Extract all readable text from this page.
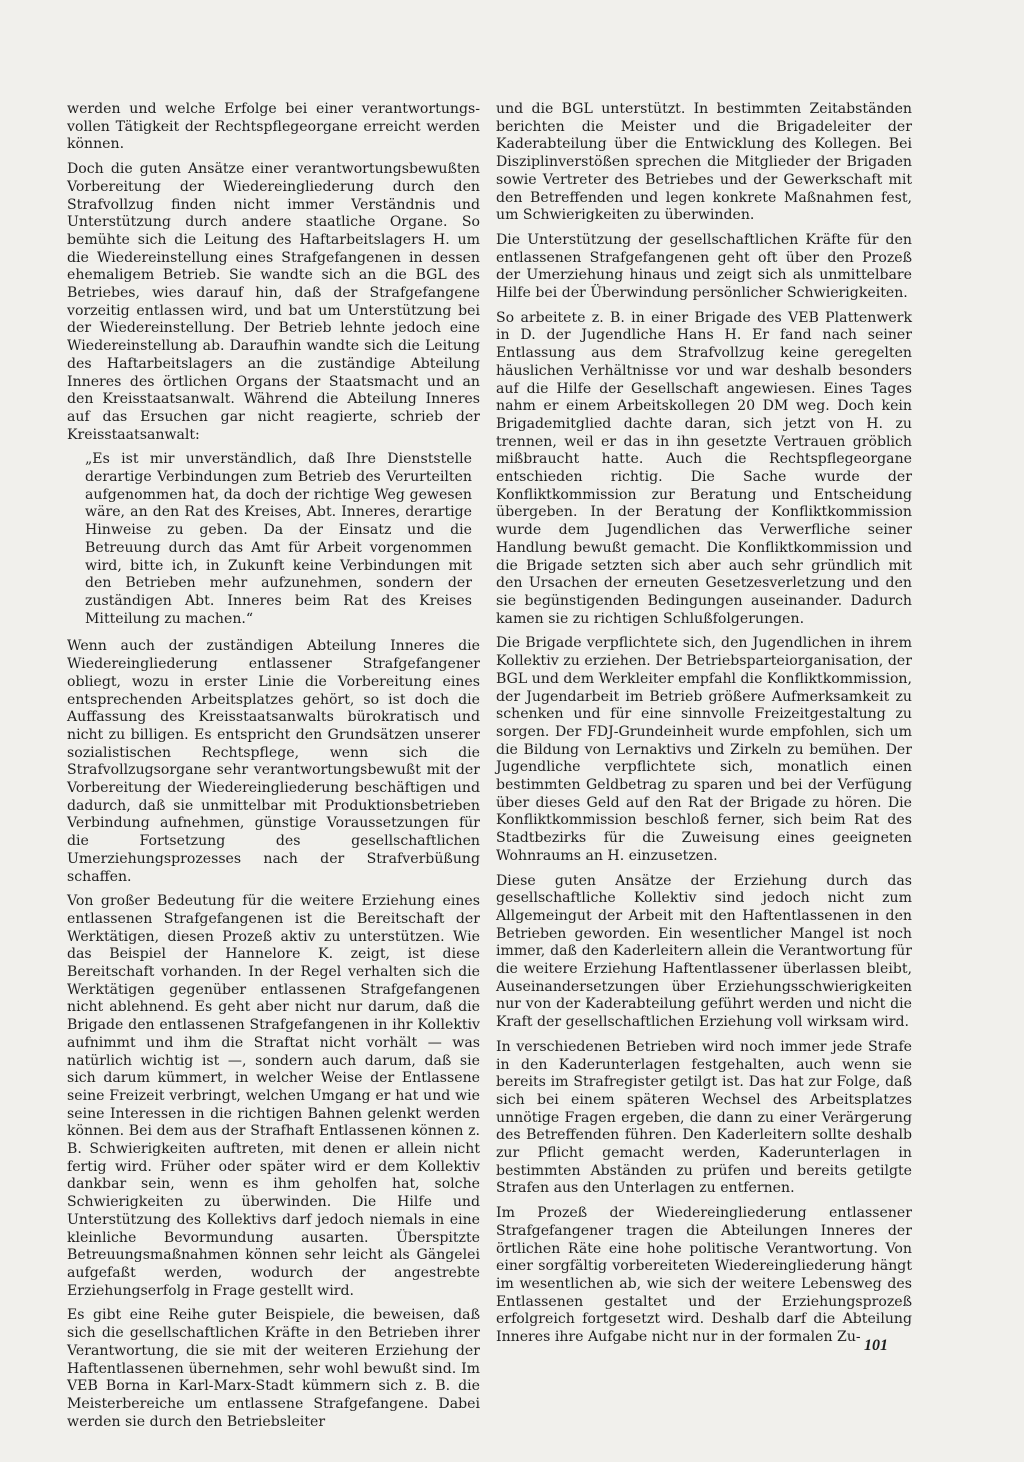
werden und welche Erfolge bei einer verantwortungsvollen Tätigkeit der Rechtspflegeorgane erreicht werden können.

Doch die guten Ansätze einer verantwortungsbewußten Vorbereitung der Wiedereingliederung durch den Strafvollzug finden nicht immer Verständnis und Unterstützung durch andere staatliche Organe. So bemühte sich die Leitung des Haftarbeitslagers H. um die Wiedereinstellung eines Strafgefangenen in dessen ehemaligem Betrieb. Sie wandte sich an die BGL des Betriebes, wies darauf hin, daß der Strafgefangene vorzeitig entlassen wird, und bat um Unterstützung bei der Wiedereinstellung. Der Betrieb lehnte jedoch eine Wiedereinstellung ab. Daraufhin wandte sich die Leitung des Haftarbeitslagers an die zuständige Abteilung Inneres des örtlichen Organs der Staatsmacht und an den Kreisstaatsanwalt. Während die Abteilung Inneres auf das Ersuchen gar nicht reagierte, schrieb der Kreisstaatsanwalt:

„Es ist mir unverständlich, daß Ihre Dienststelle derartige Verbindungen zum Betrieb des Verurteilten aufgenommen hat, da doch der richtige Weg gewesen wäre, an den Rat des Kreises, Abt. Inneres, derartige Hinweise zu geben. Da der Einsatz und die Betreuung durch das Amt für Arbeit vorgenommen wird, bitte ich, in Zukunft keine Verbindungen mit den Betrieben mehr aufzunehmen, sondern der zuständigen Abt. Inneres beim Rat des Kreises Mitteilung zu machen.“

Wenn auch der zuständigen Abteilung Inneres die Wiedereingliederung entlassener Strafgefangener obliegt, wozu in erster Linie die Vorbereitung eines entsprechenden Arbeitsplatzes gehört, so ist doch die Auffassung des Kreisstaatsanwalts bürokratisch und nicht zu billigen. Es entspricht den Grundsätzen unserer sozialistischen Rechtspflege, wenn sich die Strafvollzugsorgane sehr verantwortungsbewußt mit der Vorbereitung der Wiedereingliederung beschäftigen und dadurch, daß sie unmittelbar mit Produktionsbetrieben Verbindung aufnehmen, günstige Voraussetzungen für die Fortsetzung des gesellschaftlichen Umerziehungsprozesses nach der Strafverbüßung schaffen.

Von großer Bedeutung für die weitere Erziehung eines entlassenen Strafgefangenen ist die Bereitschaft der Werktätigen, diesen Prozeß aktiv zu unterstützen. Wie das Beispiel der Hannelore K. zeigt, ist diese Bereitschaft vorhanden. In der Regel verhalten sich die Werktätigen gegenüber entlassenen Strafgefangenen nicht ablehnend. Es geht aber nicht nur darum, daß die Brigade den entlassenen Strafgefangenen in ihr Kollektiv aufnimmt und ihm die Straftat nicht vorhält — was natürlich wichtig ist —, sondern auch darum, daß sie sich darum kümmert, in welcher Weise der Entlassene seine Freizeit verbringt, welchen Umgang er hat und wie seine Interessen in die richtigen Bahnen gelenkt werden können. Bei dem aus der Strafhaft Entlassenen können z. B. Schwierigkeiten auftreten, mit denen er allein nicht fertig wird. Früher oder später wird er dem Kollektiv dankbar sein, wenn es ihm geholfen hat, solche Schwierigkeiten zu überwinden. Die Hilfe und Unterstützung des Kollektivs darf jedoch niemals in eine kleinliche Bevormundung ausarten. Überspitzte Betreuungsmaßnahmen können sehr leicht als Gängelei aufgefaßt werden, wodurch der angestrebte Erziehungserfolg in Frage gestellt wird.

Es gibt eine Reihe guter Beispiele, die beweisen, daß sich die gesellschaftlichen Kräfte in den Betrieben ihrer Verantwortung, die sie mit der weiteren Erziehung der Haftentlassenen übernehmen, sehr wohl bewußt sind. Im VEB Borna in Karl-Marx-Stadt kümmern sich z. B. die Meisterbereiche um entlassene Strafgefangene. Dabei werden sie durch den Betriebsleiter

und die BGL unterstützt. In bestimmten Zeitabständen berichten die Meister und die Brigadeleiter der Kaderabteilung über die Entwicklung des Kollegen. Bei Disziplinverstößen sprechen die Mitglieder der Brigaden sowie Vertreter des Betriebes und der Gewerkschaft mit den Betreffenden und legen konkrete Maßnahmen fest, um Schwierigkeiten zu überwinden.

Die Unterstützung der gesellschaftlichen Kräfte für den entlassenen Strafgefangenen geht oft über den Prozeß der Umerziehung hinaus und zeigt sich als unmittelbare Hilfe bei der Überwindung persönlicher Schwierigkeiten.

So arbeitete z. B. in einer Brigade des VEB Plattenwerk in D. der Jugendliche Hans H. Er fand nach seiner Entlassung aus dem Strafvollzug keine geregelten häuslichen Verhältnisse vor und war deshalb besonders auf die Hilfe der Gesellschaft angewiesen. Eines Tages nahm er einem Arbeitskollegen 20 DM weg. Doch kein Brigademitglied dachte daran, sich jetzt von H. zu trennen, weil er das in ihn gesetzte Vertrauen gröblich mißbraucht hatte. Auch die Rechtspflegeorgane entschieden richtig. Die Sache wurde der Konfliktkommission zur Beratung und Entscheidung übergeben. In der Beratung der Konfliktkommission wurde dem Jugendlichen das Verwerfliche seiner Handlung bewußt gemacht. Die Konfliktkommission und die Brigade setzten sich aber auch sehr gründlich mit den Ursachen der erneuten Gesetzesverletzung und den sie begünstigenden Bedingungen auseinander. Dadurch kamen sie zu richtigen Schlußfolgerungen.

Die Brigade verpflichtete sich, den Jugendlichen in ihrem Kollektiv zu erziehen. Der Betriebsparteiorganisation, der BGL und dem Werkleiter empfahl die Konfliktkommission, der Jugendarbeit im Betrieb größere Aufmerksamkeit zu schenken und für eine sinnvolle Freizeitgestaltung zu sorgen. Der FDJ-Grundeinheit wurde empfohlen, sich um die Bildung von Lernaktivs und Zirkeln zu bemühen. Der Jugendliche verpflichtete sich, monatlich einen bestimmten Geldbetrag zu sparen und bei der Verfügung über dieses Geld auf den Rat der Brigade zu hören. Die Konfliktkommission beschloß ferner, sich beim Rat des Stadtbezirks für die Zuweisung eines geeigneten Wohnraums an H. einzusetzen.

Diese guten Ansätze der Erziehung durch das gesellschaftliche Kollektiv sind jedoch nicht zum Allgemeingut der Arbeit mit den Haftentlassenen in den Betrieben geworden. Ein wesentlicher Mangel ist noch immer, daß den Kaderleitern allein die Verantwortung für die weitere Erziehung Haftentlassener überlassen bleibt, Auseinandersetzungen über Erziehungsschwierigkeiten nur von der Kaderabteilung geführt werden und nicht die Kraft der gesellschaftlichen Erziehung voll wirksam wird.

In verschiedenen Betrieben wird noch immer jede Strafe in den Kaderunterlagen festgehalten, auch wenn sie bereits im Strafregister getilgt ist. Das hat zur Folge, daß sich bei einem späteren Wechsel des Arbeitsplatzes unnötige Fragen ergeben, die dann zu einer Verärgerung des Betreffenden führen. Den Kaderleitern sollte deshalb zur Pflicht gemacht werden, Kaderunterlagen in bestimmten Abständen zu prüfen und bereits getilgte Strafen aus den Unterlagen zu entfernen.

Im Prozeß der Wiedereingliederung entlassener Strafgefangener tragen die Abteilungen Inneres der örtlichen Räte eine hohe politische Verantwortung. Von einer sorgfältig vorbereiteten Wiedereingliederung hängt im wesentlichen ab, wie sich der weitere Lebensweg des Entlassenen gestaltet und der Erziehungsprozeß erfolgreich fortgesetzt wird. Deshalb darf die Abteilung Inneres ihre Aufgabe nicht nur in der formalen Zu- 101
